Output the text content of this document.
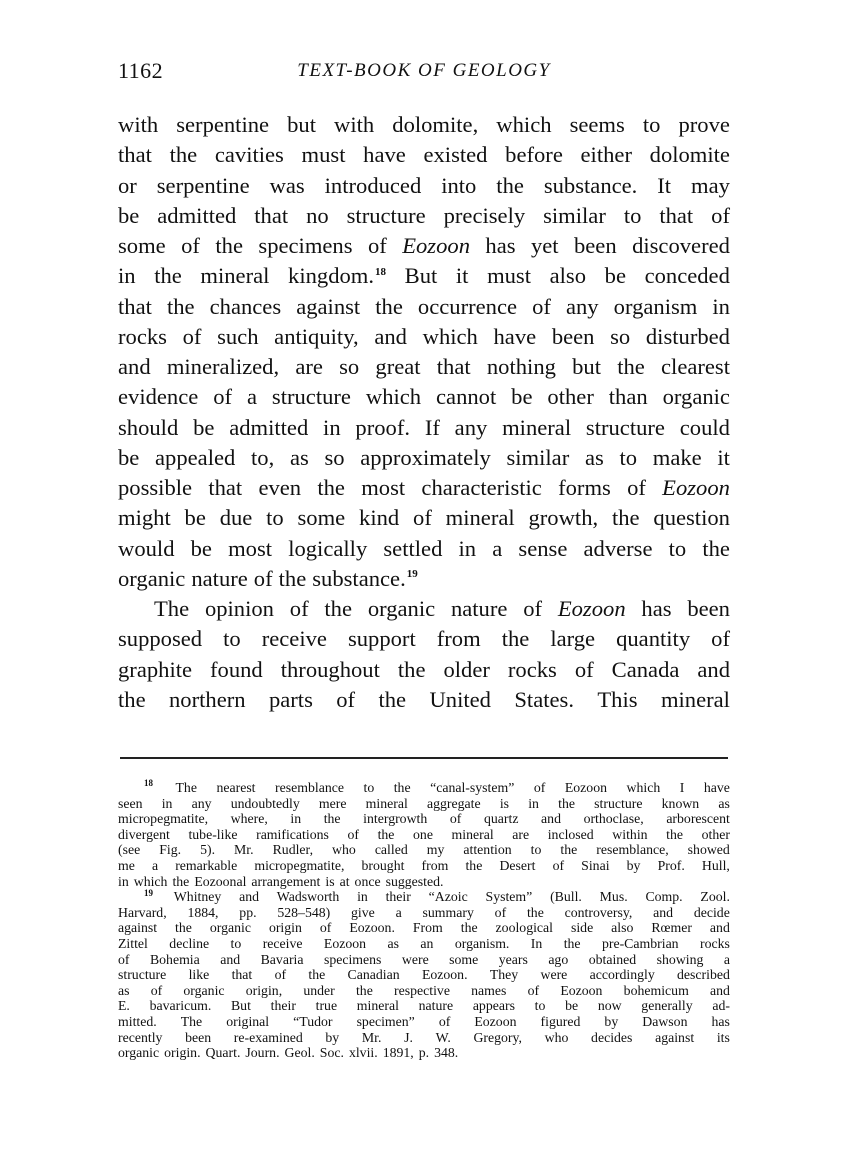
1162	TEXT-BOOK OF GEOLOGY
with serpentine but with dolomite, which seems to prove
that the cavities must have existed before either dolomite
or serpentine was introduced into the substance. It may
be admitted that no structure precisely similar to that of
some of the specimens of Eozoon has yet been discovered
in the mineral kingdom.$^{18}$ But it must also be conceded
that the chances against the occurrence of any organism in
rocks of such antiquity, and which have been so disturbed
and mineralized, are so great that nothing but the clearest
evidence of a structure which cannot be other than organic
should be admitted in proof. If any mineral structure could
be appealed to, as so approximately similar as to make it
possible that even the most characteristic forms of Eozoon
might be due to some kind of mineral growth, the question
would be most logically settled in a sense adverse to the
organic nature of the substance.$^{19}$
The opinion of the organic nature of Eozoon has been
supposed to receive support from the large quantity of
graphite found throughout the older rocks of Canada and
the northern parts of the United States. This mineral
$^{18}$ The nearest resemblance to the “canal-system” of Eozoon which I have
seen in any undoubtedly mere mineral aggregate is in the structure known as
micropegmatite, where, in the intergrowth of quartz and orthoclase, arborescent
divergent tube-like ramifications of the one mineral are inclosed within the other
(see Fig. 5). Mr. Rudler, who called my attention to the resemblance, showed
me a remarkable micropegmatite, brought from the Desert of Sinai by Prof. Hull,
in which the Eozoonal arrangement is at once suggested.
$^{19}$ Whitney and Wadsworth in their “Azoic System” (Bull. Mus. Comp. Zool.
Harvard, 1884, pp. 528–548) give a summary of the controversy, and decide
against the organic origin of Eozoon. From the zoological side also Rœmer and
Zittel decline to receive Eozoon as an organism. In the pre-Cambrian rocks
of Bohemia and Bavaria specimens were some years ago obtained showing a
structure like that of the Canadian Eozoon. They were accordingly described
as of organic origin, under the respective names of Eozoon bohemicum and
E. bavaricum. But their true mineral nature appears to be now generally ad-
mitted. The original “Tudor specimen” of Eozoon figured by Dawson has
recently been re-examined by Mr. J. W. Gregory, who decides against its
organic origin. Quart. Journ. Geol. Soc. xlvii. 1891, p. 348.
